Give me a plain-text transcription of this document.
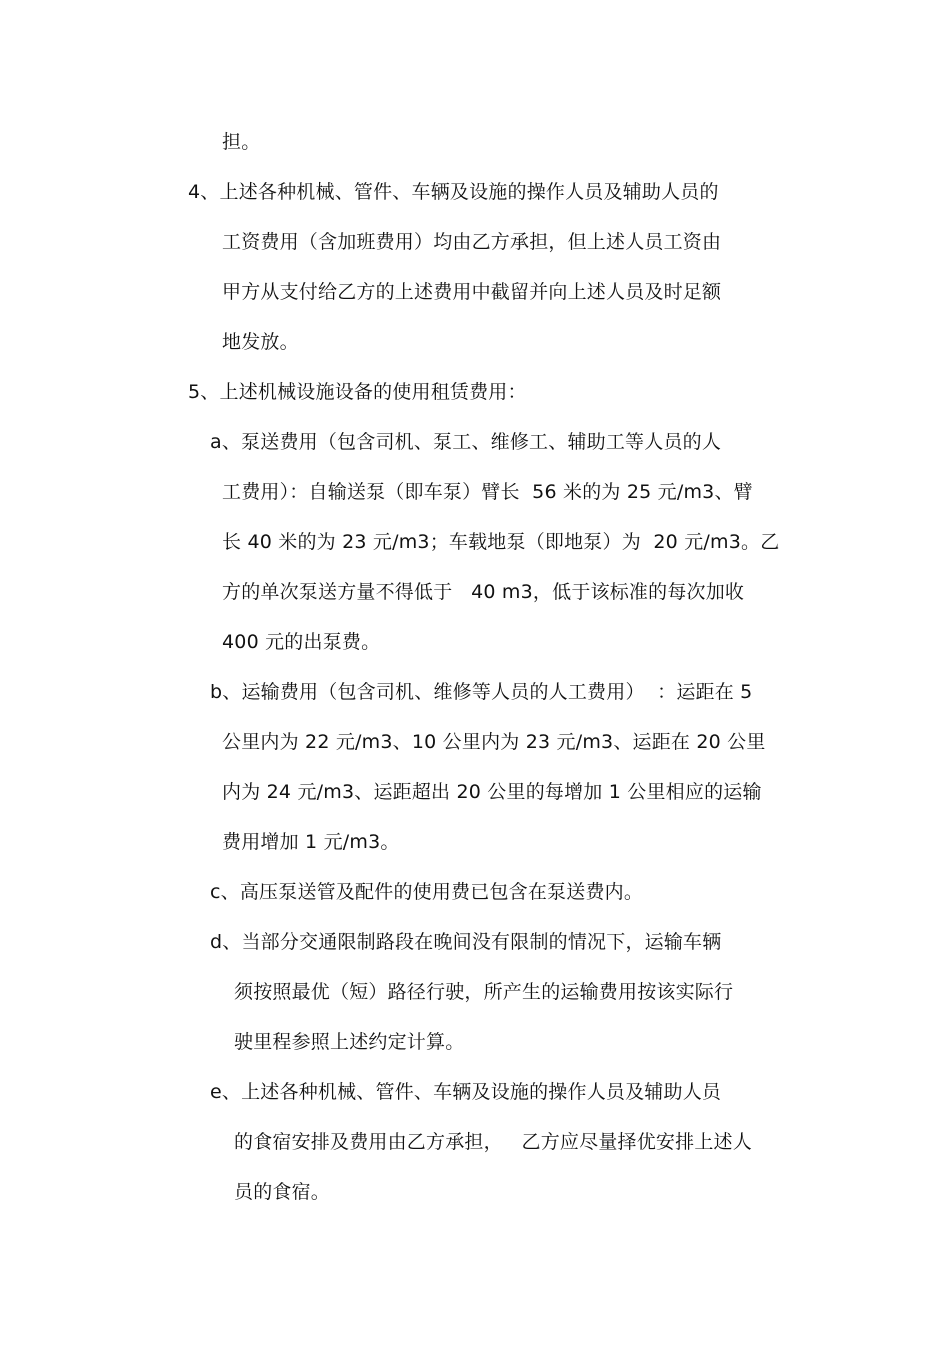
担。
4、上述各种机械、管件、车辆及设施的操作人员及辅助人员的
工资费用（含加班费用）均由乙方承担，但上述人员工资由
甲方从支付给乙方的上述费用中截留并向上述人员及时足额
地发放。
5、上述机械设施设备的使用租赁费用：
a、泵送费用（包含司机、泵工、维修工、辅助工等人员的人
工费用）：自输送泵（即车泵）臂长  56 米的为 25 元/m3、臂
长 40 米的为 23 元/m3；车载地泵（即地泵）为  20 元/m3。乙
方的单次泵送方量不得低于   40 m3，低于该标准的每次加收
400 元的出泵费。
b、运输费用（包含司机、维修等人员的人工费用）  ：运距在 5
公里内为 22 元/m3、10 公里内为 23 元/m3、运距在 20 公里
内为 24 元/m3、运距超出 20 公里的每增加 1 公里相应的运输
费用增加 1 元/m3。
c、高压泵送管及配件的使用费已包含在泵送费内。
d、当部分交通限制路段在晚间没有限制的情况下，运输车辆
须按照最优（短）路径行驶，所产生的运输费用按该实际行
驶里程参照上述约定计算。
e、上述各种机械、管件、车辆及设施的操作人员及辅助人员
的食宿安排及费用由乙方承担，   乙方应尽量择优安排上述人
员的食宿。
